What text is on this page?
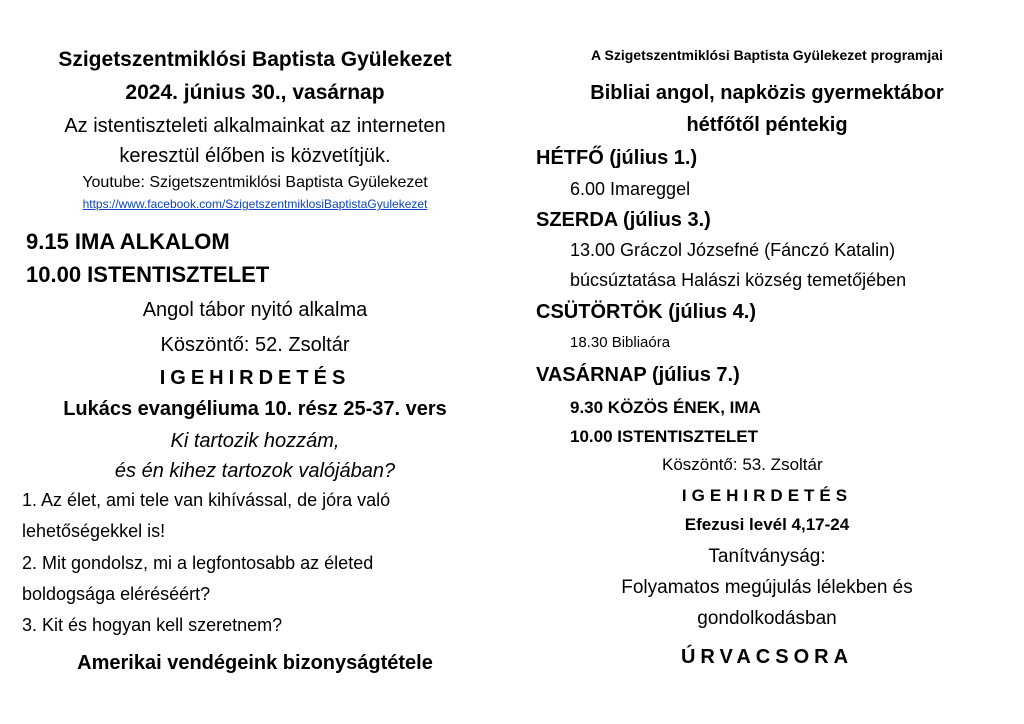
Szigetszentmiklósi Baptista Gyülekezet
2024. június 30., vasárnap
Az istentiszteleti alkalmainkat az interneten
keresztül élőben is közvetítjük.
Youtube: Szigetszentmiklósi Baptista Gyülekezet
https://www.facebook.com/SzigetszentmiklosiBaptistaGyulekezet
9.15 IMA ALKALOM
10.00 ISTENTISZTELET
Angol tábor nyitó alkalma
Köszöntő: 52. Zsoltár
IGEHIRDETÉS
Lukács evangéliuma 10. rész 25-37. vers
Ki tartozik hozzám,
és én kihez tartozok valójában?
1. Az élet, ami tele van kihívással, de jóra való
lehetőségekkel is!
2. Mit gondolsz, mi a legfontosabb az életed
boldogsága eléréséért?
3. Kit és hogyan kell szeretnem?
Amerikai vendégeink bizonyságtétele
A Szigetszentmiklósi Baptista Gyülekezet programjai
Bibliai angol, napközis gyermektábor
hétfőtől péntekig
HÉTFŐ (július 1.)
6.00 Imareggel
SZERDA (július 3.)
13.00 Gráczol Józsefné (Fánczó Katalin)
búcsúztatása Halászi község temetőjében
CSÜTÖRTÖK (július 4.)
18.30 Bibliaóra
VASÁRNAP (július 7.)
9.30 KÖZÖS ÉNEK, IMA
10.00 ISTENTISZTELET
Köszöntő: 53. Zsoltár
IGEHIRDETÉS
Efezusi levél 4,17-24
Tanítványság:
Folyamatos megújulás lélekben és
gondolkodásban
ÚRVACSORA
